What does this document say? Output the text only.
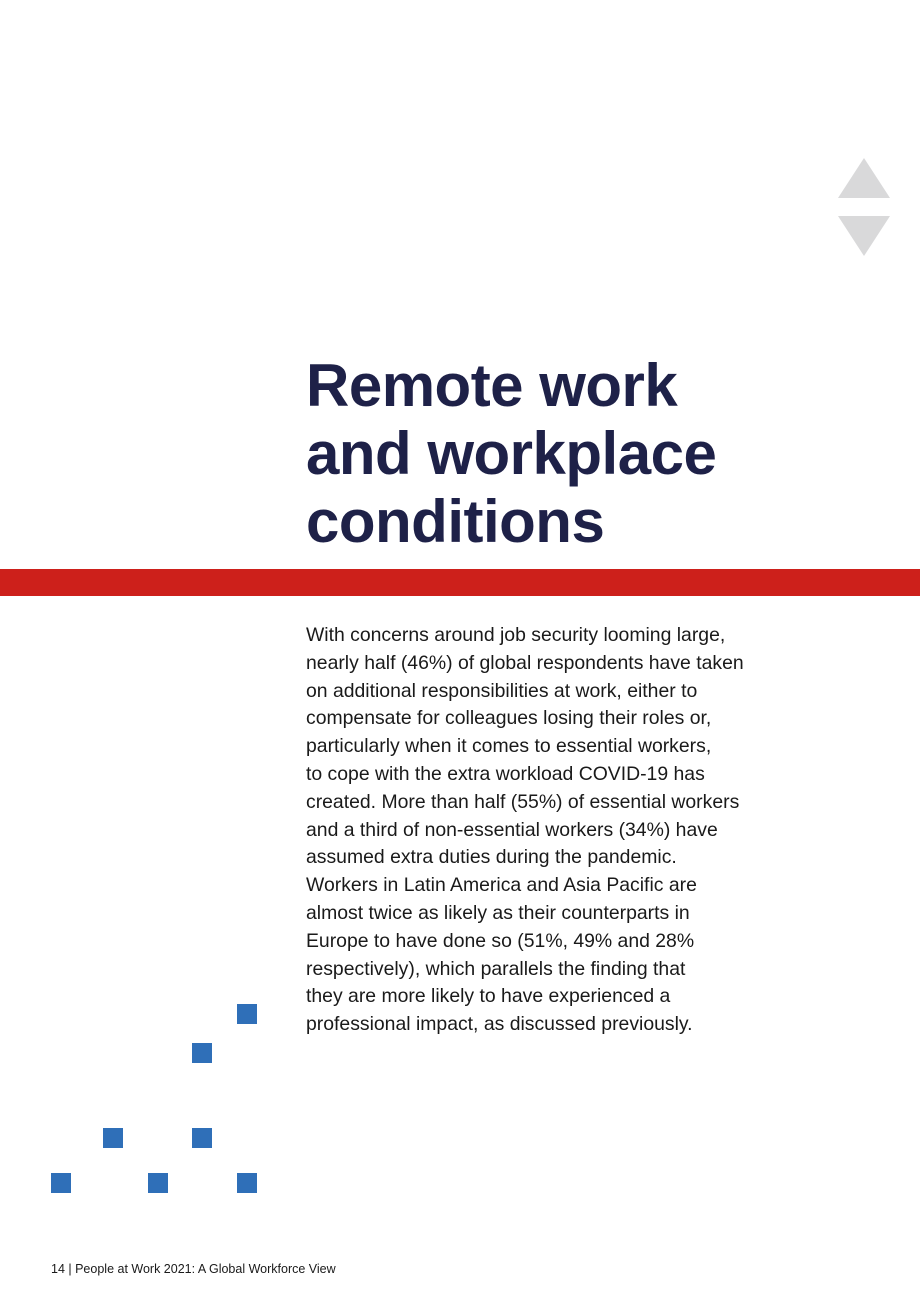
Remote work
and workplace
conditions
With concerns around job security looming large,
nearly half (46%) of global respondents have taken
on additional responsibilities at work, either to
compensate for colleagues losing their roles or,
particularly when it comes to essential workers,
to cope with the extra workload COVID-19 has
created. More than half (55%) of essential workers
and a third of non-essential workers (34%) have
assumed extra duties during the pandemic.
Workers in Latin America and Asia Pacific are
almost twice as likely as their counterparts in
Europe to have done so (51%, 49% and 28%
respectively), which parallels the finding that
they are more likely to have experienced a
professional impact, as discussed previously.
14 | People at Work 2021: A Global Workforce View
